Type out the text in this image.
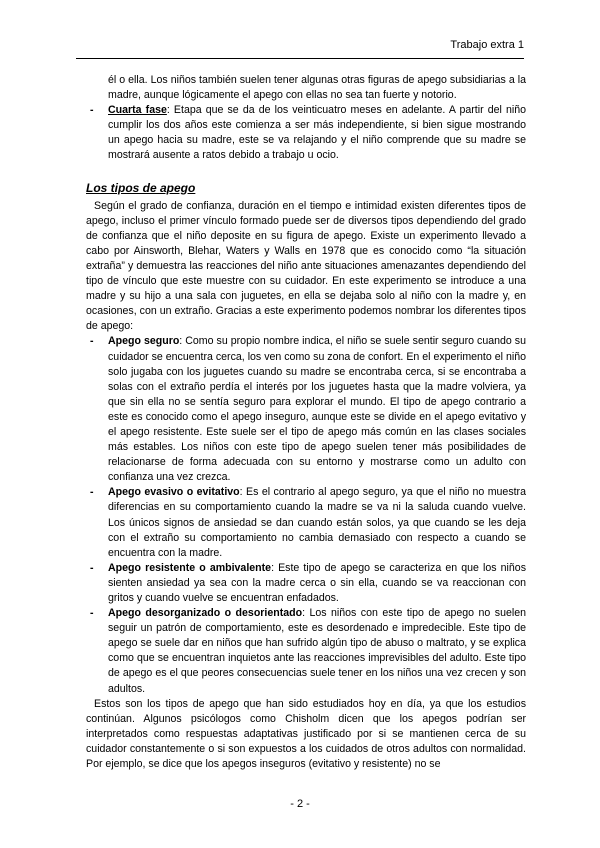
Trabajo extra 1

él o ella. Los niños también suelen tener algunas otras figuras de apego subsidiarias a la madre, aunque lógicamente el apego con ellas no sea tan fuerte y notorio.

- Cuarta fase: Etapa que se da de los veinticuatro meses en adelante. A partir del niño cumplir los dos años este comienza a ser más independiente, si bien sigue mostrando un apego hacia su madre, este se va relajando y el niño comprende que su madre se mostrará ausente a ratos debido a trabajo u ocio.

Los tipos de apego

Según el grado de confianza, duración en el tiempo e intimidad existen diferentes tipos de apego, incluso el primer vínculo formado puede ser de diversos tipos dependiendo del grado de confianza que el niño deposite en su figura de apego. Existe un experimento llevado a cabo por Ainsworth, Blehar, Waters y Walls en 1978 que es conocido como “la situación extraña” y demuestra las reacciones del niño ante situaciones amenazantes dependiendo del tipo de vínculo que este muestre con su cuidador. En este experimento se introduce a una madre y su hijo a una sala con juguetes, en ella se dejaba solo al niño con la madre y, en ocasiones, con un extraño. Gracias a este experimento podemos nombrar los diferentes tipos de apego:

- Apego seguro: Como su propio nombre indica, el niño se suele sentir seguro cuando su cuidador se encuentra cerca, los ven como su zona de confort. En el experimento el niño solo jugaba con los juguetes cuando su madre se encontraba cerca, si se encontraba a solas con el extraño perdía el interés por los juguetes hasta que la madre volviera, ya que sin ella no se sentía seguro para explorar el mundo. El tipo de apego contrario a este es conocido como el apego inseguro, aunque este se divide en el apego evitativo y el apego resistente. Este suele ser el tipo de apego más común en las clases sociales más estables. Los niños con este tipo de apego suelen tener más posibilidades de relacionarse de forma adecuada con su entorno y mostrarse como un adulto con confianza una vez crezca.

- Apego evasivo o evitativo: Es el contrario al apego seguro, ya que el niño no muestra diferencias en su comportamiento cuando la madre se va ni la saluda cuando vuelve. Los únicos signos de ansiedad se dan cuando están solos, ya que cuando se les deja con el extraño su comportamiento no cambia demasiado con respecto a cuando se encuentra con la madre.

- Apego resistente o ambivalente: Este tipo de apego se caracteriza en que los niños sienten ansiedad ya sea con la madre cerca o sin ella, cuando se va reaccionan con gritos y cuando vuelve se encuentran enfadados.

- Apego desorganizado o desorientado: Los niños con este tipo de apego no suelen seguir un patrón de comportamiento, este es desordenado e impredecible. Este tipo de apego se suele dar en niños que han sufrido algún tipo de abuso o maltrato, y se explica como que se encuentran inquietos ante las reacciones imprevisibles del adulto. Este tipo de apego es el que peores consecuencias suele tener en los niños una vez crecen y son adultos.

Estos son los tipos de apego que han sido estudiados hoy en día, ya que los estudios continúan. Algunos psicólogos como Chisholm dicen que los apegos podrían ser interpretados como respuestas adaptativas justificado por si se mantienen cerca de su cuidador constantemente o si son expuestos a los cuidados de otros adultos con normalidad. Por ejemplo, se dice que los apegos inseguros (evitativo y resistente) no se

- 2 -
